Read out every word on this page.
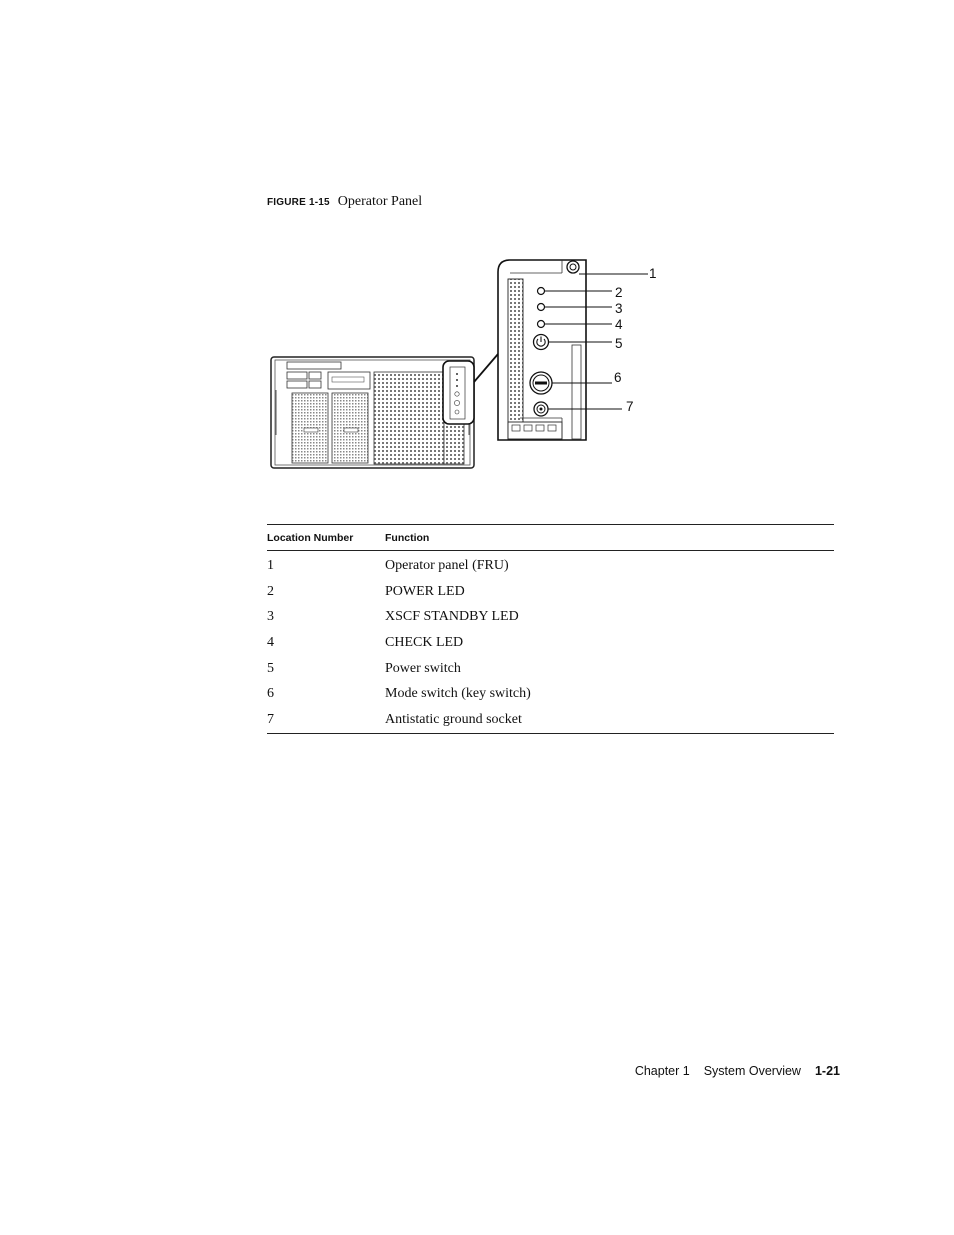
FIGURE 1-15 Operator Panel
1
2
3
4
5
6
7
Location Number	Function
1	Operator panel (FRU)
2	POWER LED
3	XSCF STANDBY LED
4	CHECK LED
5	Power switch
6	Mode switch (key switch)
7	Antistatic ground socket
Chapter 1 System Overview 1-21
